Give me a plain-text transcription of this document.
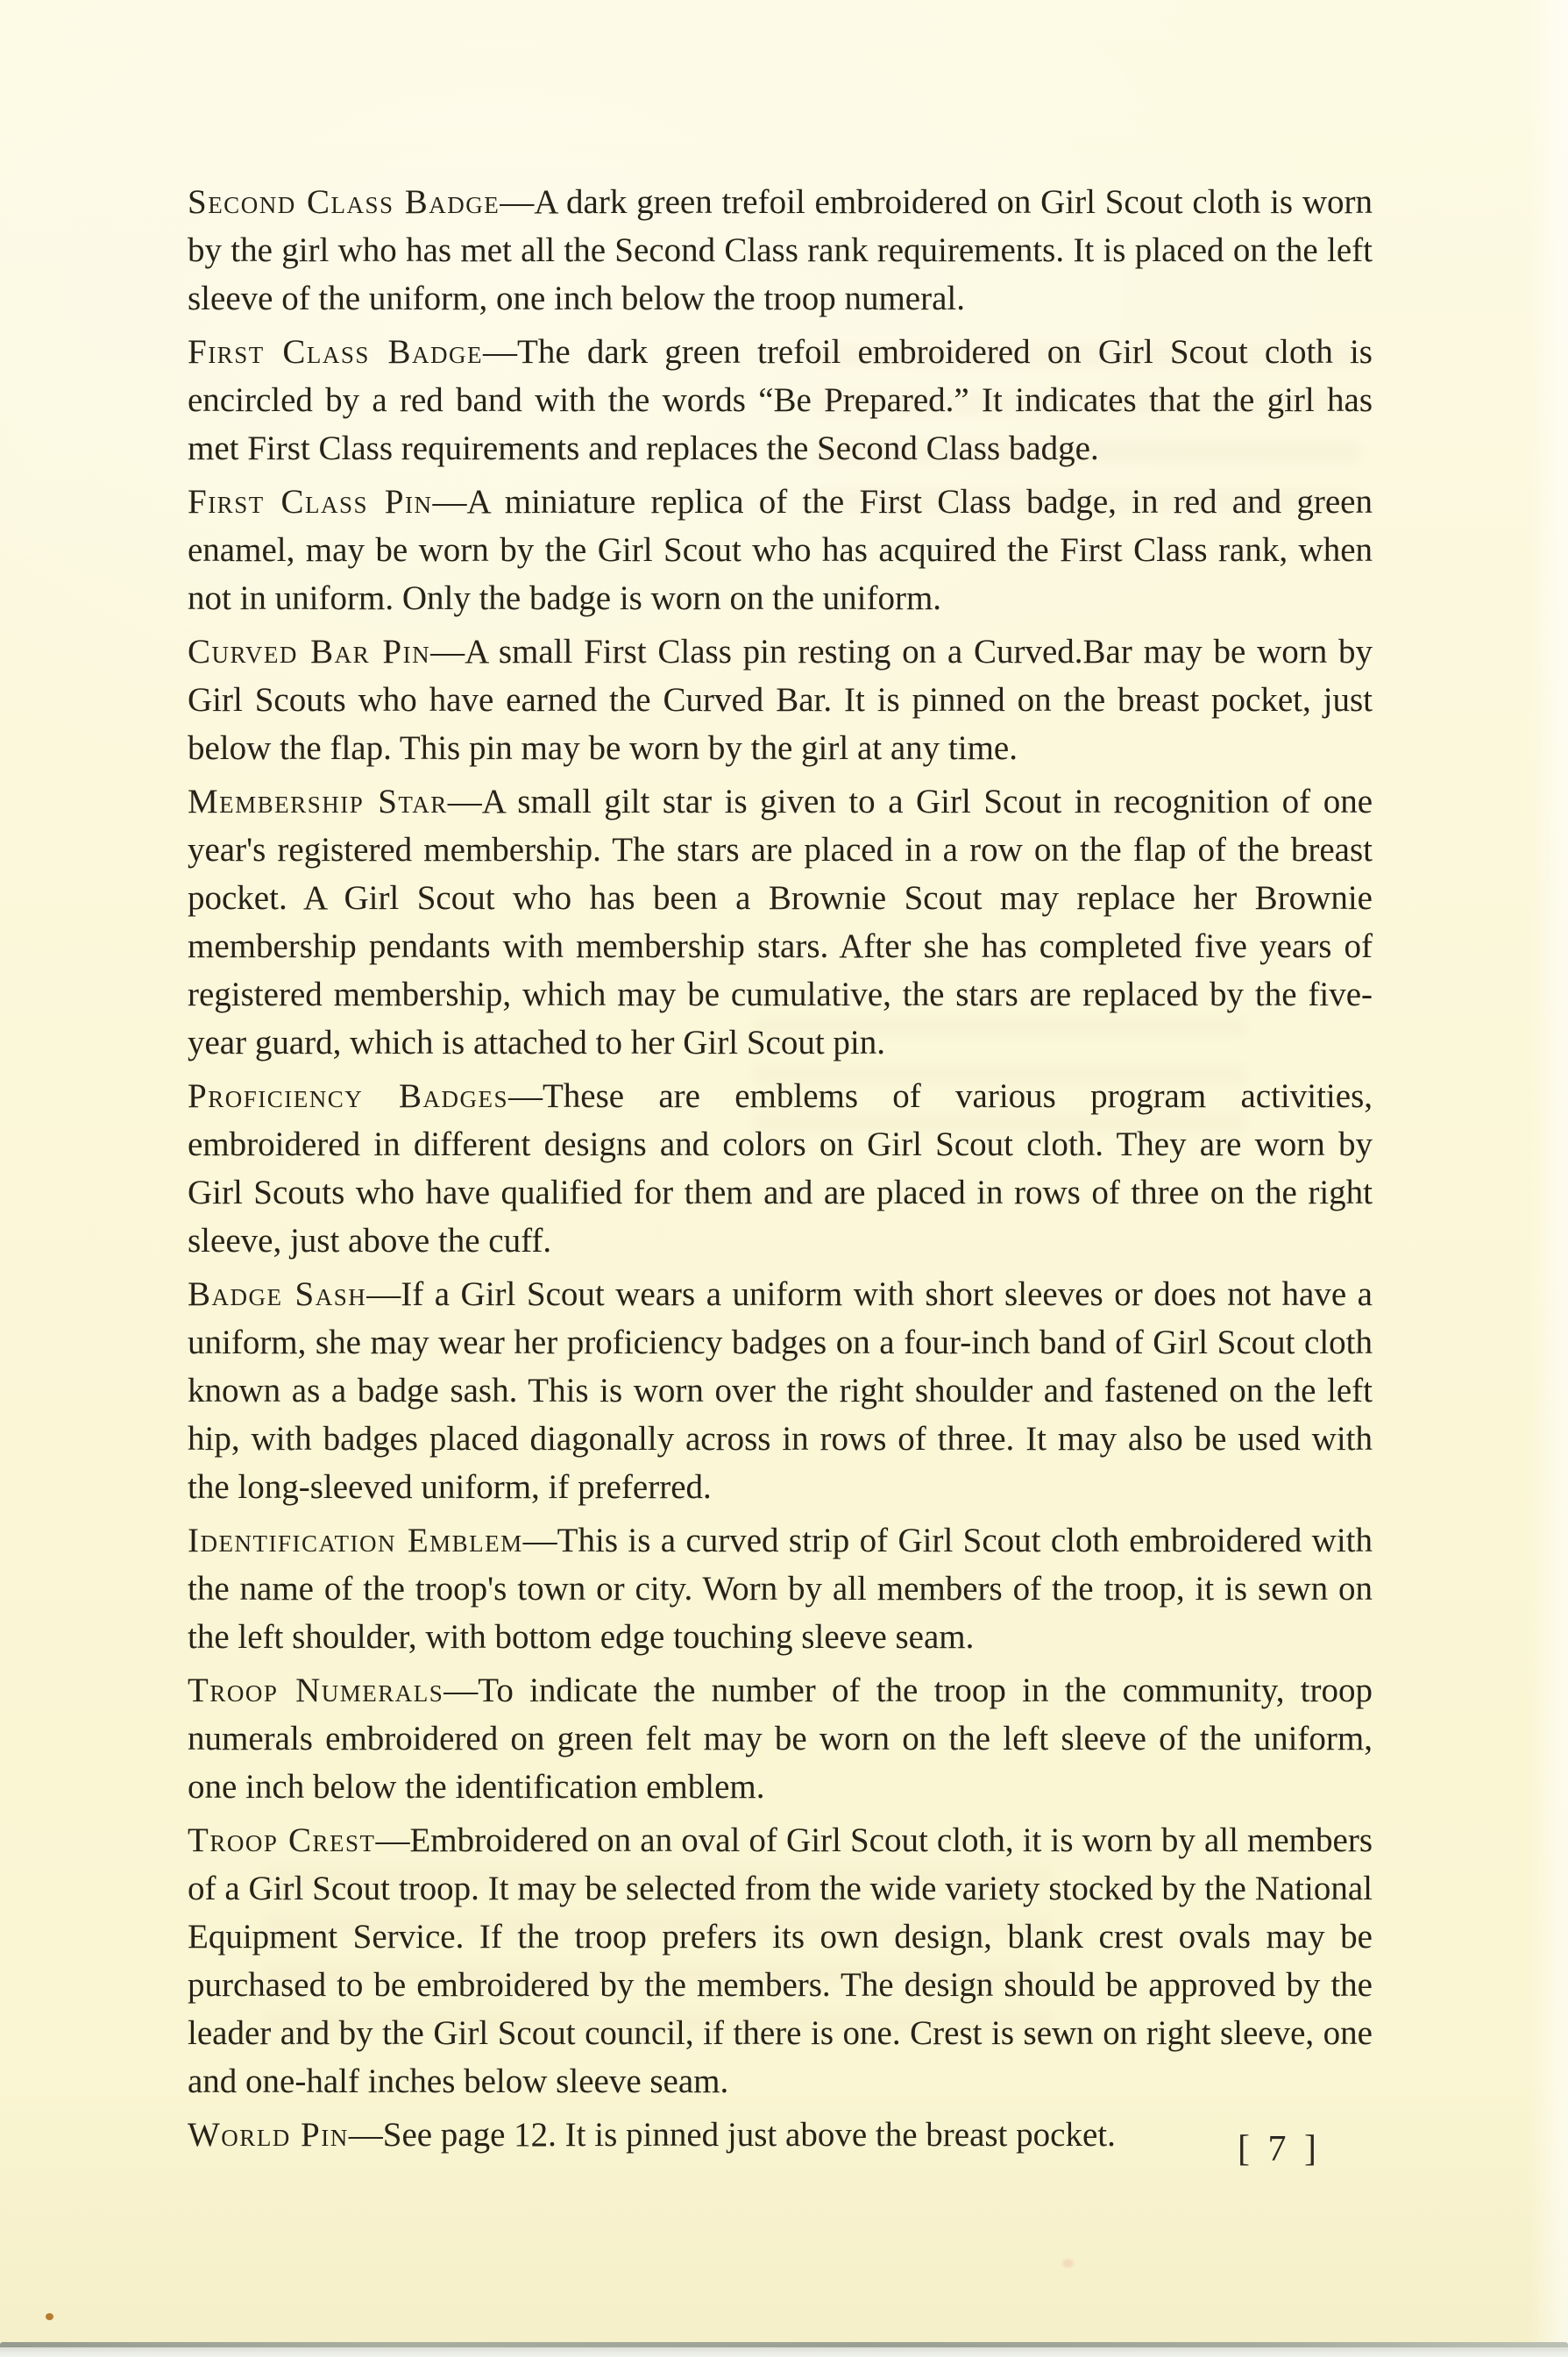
Second Class Badge—A dark green trefoil embroidered on Girl Scout cloth is worn by the girl who has met all the Second Class rank requirements. It is placed on the left sleeve of the uniform, one inch below the troop numeral.

First Class Badge—The dark green trefoil embroidered on Girl Scout cloth is encircled by a red band with the words “Be Prepared.” It indicates that the girl has met First Class requirements and replaces the Second Class badge.

First Class Pin—A miniature replica of the First Class badge, in red and green enamel, may be worn by the Girl Scout who has acquired the First Class rank, when not in uniform. Only the badge is worn on the uniform.

Curved Bar Pin—A small First Class pin resting on a Curved.Bar may be worn by Girl Scouts who have earned the Curved Bar. It is pinned on the breast pocket, just below the flap. This pin may be worn by the girl at any time.

Membership Star—A small gilt star is given to a Girl Scout in recognition of one year's registered membership. The stars are placed in a row on the flap of the breast pocket. A Girl Scout who has been a Brownie Scout may replace her Brownie membership pendants with membership stars. After she has completed five years of registered membership, which may be cumulative, the stars are replaced by the five-year guard, which is attached to her Girl Scout pin.

Proficiency Badges—These are emblems of various program activities, embroidered in different designs and colors on Girl Scout cloth. They are worn by Girl Scouts who have qualified for them and are placed in rows of three on the right sleeve, just above the cuff.

Badge Sash—If a Girl Scout wears a uniform with short sleeves or does not have a uniform, she may wear her proficiency badges on a four-inch band of Girl Scout cloth known as a badge sash. This is worn over the right shoulder and fastened on the left hip, with badges placed diagonally across in rows of three. It may also be used with the long-sleeved uniform, if preferred.

Identification Emblem—This is a curved strip of Girl Scout cloth embroidered with the name of the troop's town or city. Worn by all members of the troop, it is sewn on the left shoulder, with bottom edge touching sleeve seam.

Troop Numerals—To indicate the number of the troop in the community, troop numerals embroidered on green felt may be worn on the left sleeve of the uniform, one inch below the identification emblem.

Troop Crest—Embroidered on an oval of Girl Scout cloth, it is worn by all members of a Girl Scout troop. It may be selected from the wide variety stocked by the National Equipment Service. If the troop prefers its own design, blank crest ovals may be purchased to be embroidered by the members. The design should be approved by the leader and by the Girl Scout council, if there is one. Crest is sewn on right sleeve, one and one-half inches below sleeve seam.

World Pin—See page 12. It is pinned just above the breast pocket.	[ 7 ]
